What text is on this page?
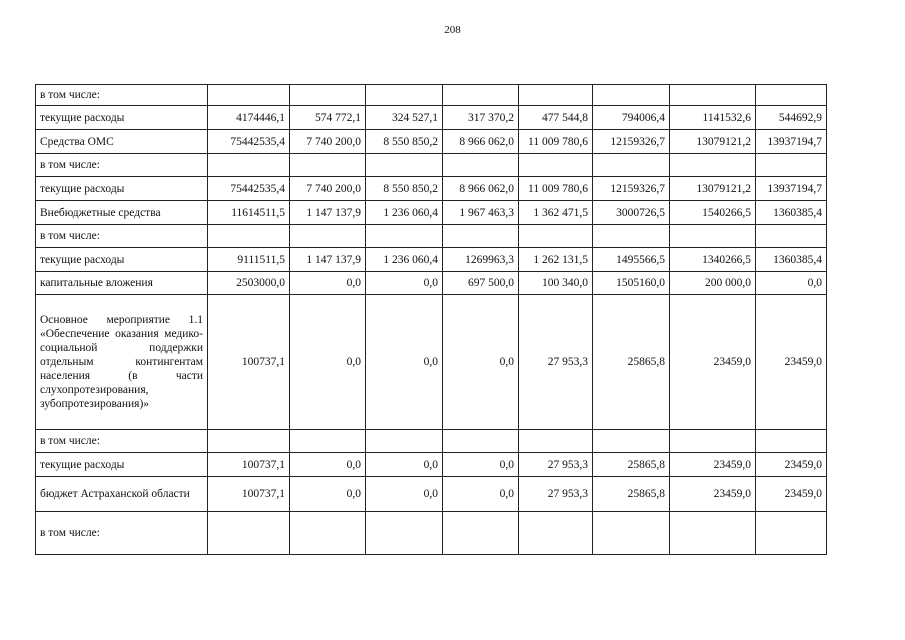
208
в том числе:								
текущие расходы	4174446,1	574 772,1	324 527,1	317 370,2	477 544,8	794006,4	1141532,6	544692,9
Средства ОМС	75442535,4	7 740 200,0	8 550 850,2	8 966 062,0	11 009 780,6	12159326,7	13079121,2	13937194,7
в том числе:								
текущие расходы	75442535,4	7 740 200,0	8 550 850,2	8 966 062,0	11 009 780,6	12159326,7	13079121,2	13937194,7
Внебюджетные средства	11614511,5	1 147 137,9	1 236 060,4	1 967 463,3	1 362 471,5	3000726,5	1540266,5	1360385,4
в том числе:								
текущие расходы	9111511,5	1 147 137,9	1 236 060,4	1269963,3	1 262 131,5	1495566,5	1340266,5	1360385,4
капитальные вложения	2503000,0	0,0	0,0	697 500,0	100 340,0	1505160,0	200 000,0	0,0
Основное мероприятие 1.1 «Обеспечение оказания медико-социальной поддержки отдельным контингентам населения (в части слухопротезирования, зубопротезирования)»	100737,1	0,0	0,0	0,0	27 953,3	25865,8	23459,0	23459,0
в том числе:								
текущие расходы	100737,1	0,0	0,0	0,0	27 953,3	25865,8	23459,0	23459,0
бюджет Астраханской области	100737,1	0,0	0,0	0,0	27 953,3	25865,8	23459,0	23459,0
в том числе:								
